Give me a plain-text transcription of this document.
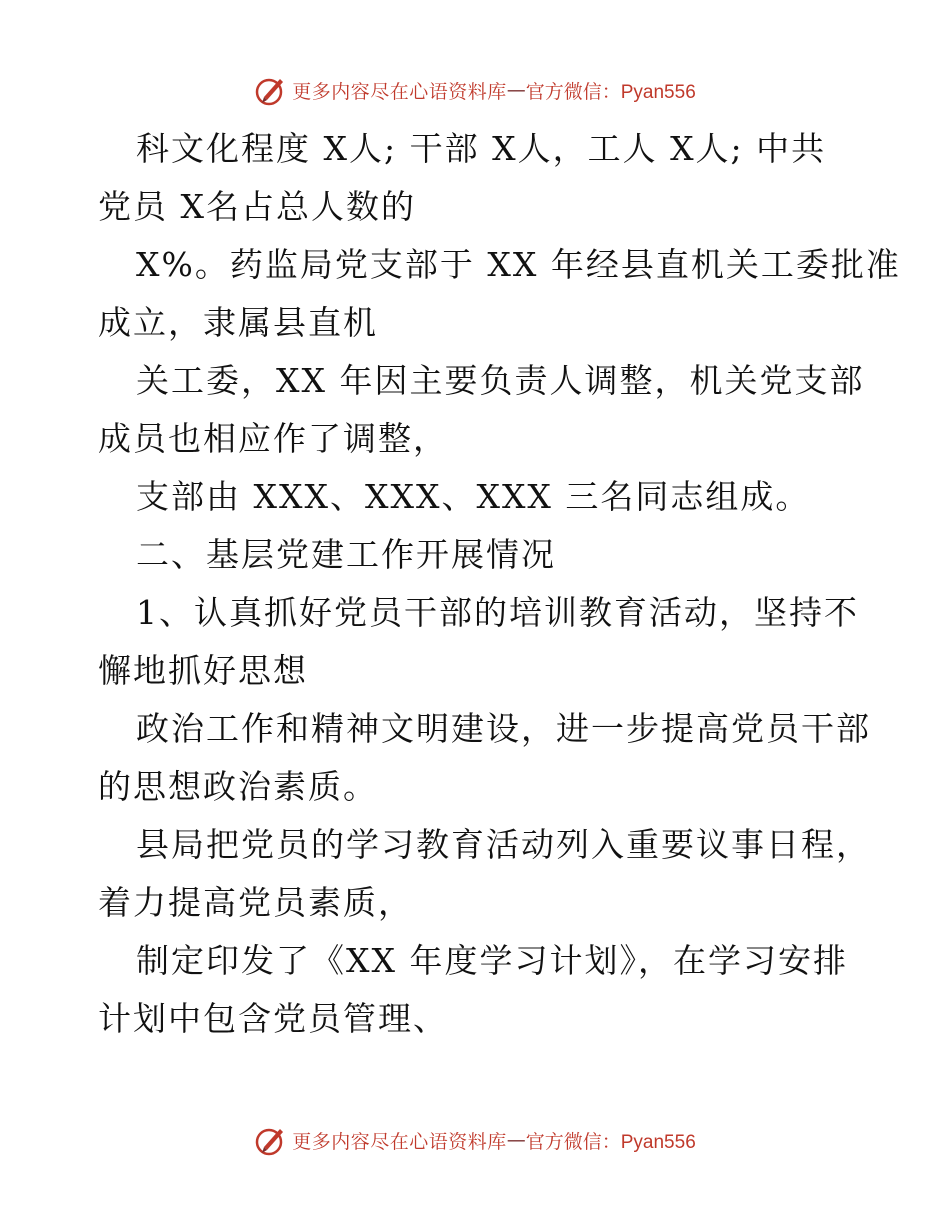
更多内容尽在心语资料库 — 官方微信：Pyan556
科文化程度 X人; 干部 X人，工人 X人; 中共
党员 X名占总人数的
X%。药监局党支部于 XX 年经县直机关工委批准
成立，隶属县直机
关工委，XX 年因主要负责人调整，机关党支部
成员也相应作了调整，
支部由 XXX、XXX、XXX 三名同志组成。
二、基层党建工作开展情况
1、认真抓好党员干部的培训教育活动，坚持不
懈地抓好思想
政治工作和精神文明建设，进一步提高党员干部
的思想政治素质。
县局把党员的学习教育活动列入重要议事日程，
着力提高党员素质，
制定印发了《XX 年度学习计划》，在学习安排
计划中包含党员管理、
更多内容尽在心语资料库 — 官方微信：Pyan556
